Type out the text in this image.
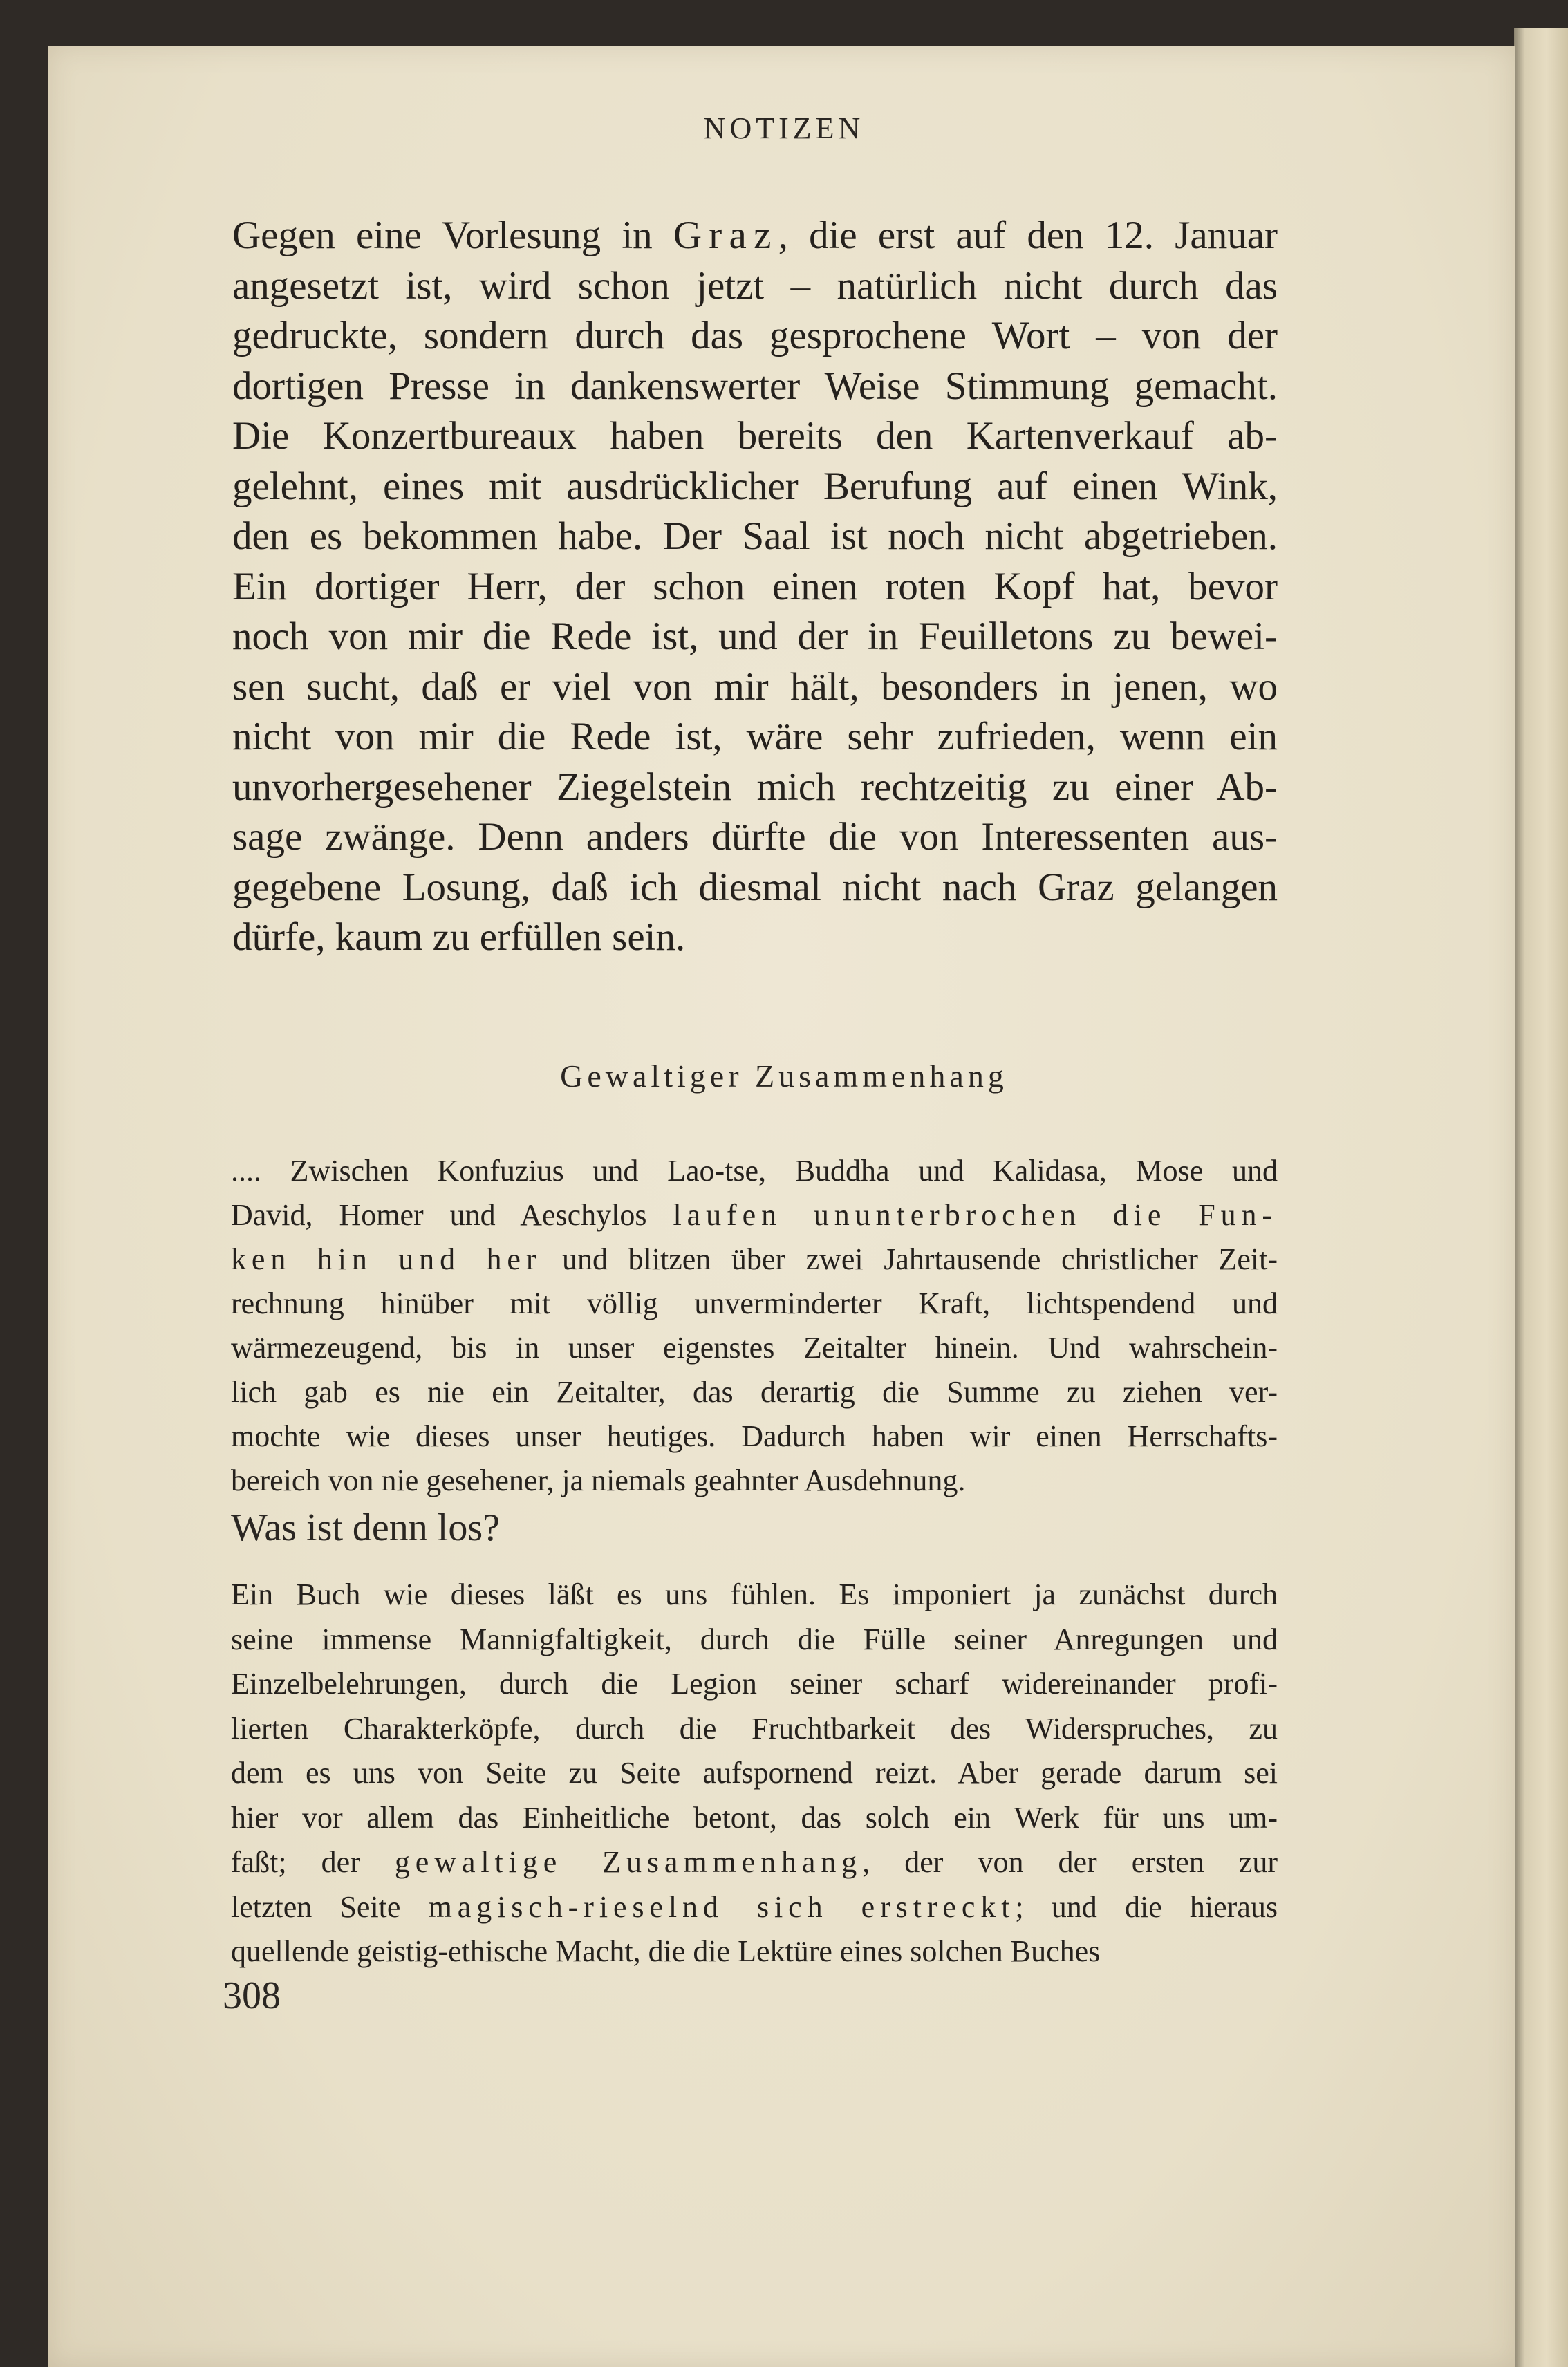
NOTIZEN
Gegen eine Vorlesung in Graz, die erst auf den 12. Januar
angesetzt ist, wird schon jetzt – natürlich nicht durch das
gedruckte, sondern durch das gesprochene Wort – von der
dortigen Presse in dankenswerter Weise Stimmung gemacht.
Die Konzertbureaux haben bereits den Kartenverkauf ab-
gelehnt, eines mit ausdrücklicher Berufung auf einen Wink,
den es bekommen habe. Der Saal ist noch nicht abgetrieben.
Ein dortiger Herr, der schon einen roten Kopf hat, bevor
noch von mir die Rede ist, und der in Feuilletons zu bewei-
sen sucht, daß er viel von mir hält, besonders in jenen, wo
nicht von mir die Rede ist, wäre sehr zufrieden, wenn ein
unvorhergesehener Ziegelstein mich rechtzeitig zu einer Ab-
sage zwänge. Denn anders dürfte die von Interessenten aus-
gegebene Losung, daß ich diesmal nicht nach Graz gelangen
dürfe, kaum zu erfüllen sein.
Gewaltiger Zusammenhang
.... Zwischen Konfuzius und Lao-tse, Buddha und Kalidasa, Mose und
David, Homer und Aeschylos laufen ununterbrochen die Fun-
ken hin und her und blitzen über zwei Jahrtausende christlicher Zeit-
rechnung hinüber mit völlig unverminderter Kraft, lichtspendend und
wärmezeugend, bis in unser eigenstes Zeitalter hinein. Und wahrschein-
lich gab es nie ein Zeitalter, das derartig die Summe zu ziehen ver-
mochte wie dieses unser heutiges. Dadurch haben wir einen Herrschafts-
bereich von nie gesehener, ja niemals geahnter Ausdehnung.
Was ist denn los?
Ein Buch wie dieses läßt es uns fühlen. Es imponiert ja zunächst durch
seine immense Mannigfaltigkeit, durch die Fülle seiner Anregungen und
Einzelbelehrungen, durch die Legion seiner scharf widereinander profi-
lierten Charakterköpfe, durch die Fruchtbarkeit des Widerspruches, zu
dem es uns von Seite zu Seite aufspornend reizt. Aber gerade darum sei
hier vor allem das Einheitliche betont, das solch ein Werk für uns um-
faßt; der gewaltige Zusammenhang, der von der ersten zur
letzten Seite magisch-rieselnd sich erstreckt; und die hieraus
quellende geistig-ethische Macht, die die Lektüre eines solchen Buches
308
